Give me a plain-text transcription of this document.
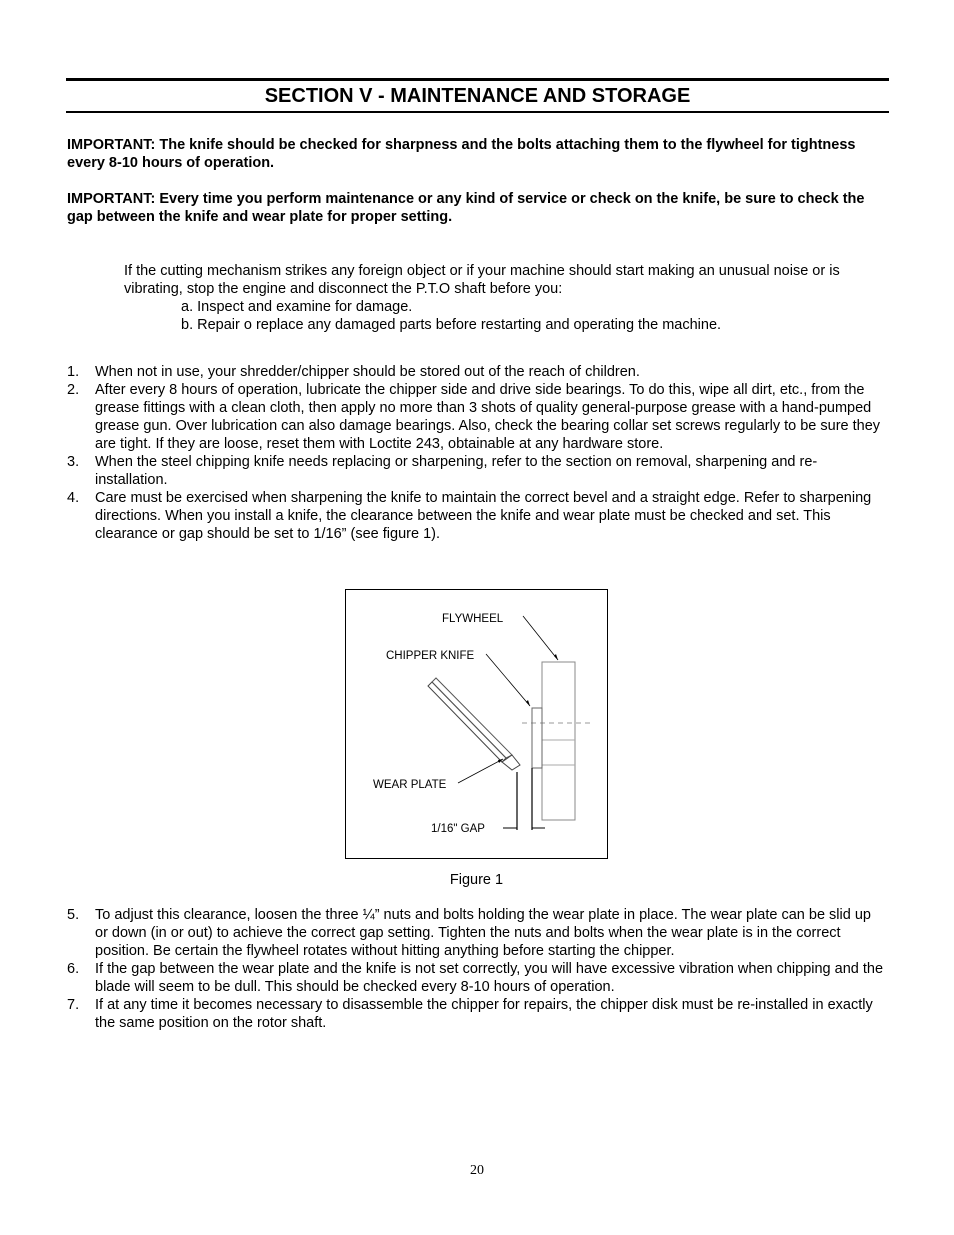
SECTION V - MAINTENANCE AND STORAGE
IMPORTANT: The knife should be checked for sharpness and the bolts attaching them to the flywheel for tightness every 8-10 hours of operation.
IMPORTANT: Every time you perform maintenance or any kind of service or check on the knife, be sure to check the gap between the knife and wear plate for proper setting.
If the cutting mechanism strikes any foreign object or if your machine should start making an unusual noise or is vibrating, stop the engine and disconnect the P.T.O shaft before you:
a. Inspect and examine for damage.
b. Repair o replace any damaged parts before restarting and operating the machine.
1. When not in use, your shredder/chipper should be stored out of the reach of children.
2. After every 8 hours of operation, lubricate the chipper side and drive side bearings. To do this, wipe all dirt, etc., from the grease fittings with a clean cloth, then apply no more than 3 shots of quality general-purpose grease with a hand-pumped grease gun. Over lubrication can also damage bearings. Also, check the bearing collar set screws regularly to be sure they are tight. If they are loose, reset them with Loctite 243, obtainable at any hardware store.
3. When the steel chipping knife needs replacing or sharpening, refer to the section on removal, sharpening and re-installation.
4. Care must be exercised when sharpening the knife to maintain the correct bevel and a straight edge. Refer to sharpening directions. When you install a knife, the clearance between the knife and wear plate must be checked and set. This clearance or gap should be set to 1/16” (see figure 1).
FLYWHEEL
CHIPPER KNIFE
WEAR PLATE
1/16" GAP
Figure 1
5. To adjust this clearance, loosen the three ¼” nuts and bolts holding the wear plate in place. The wear plate can be slid up or down (in or out) to achieve the correct gap setting. Tighten the nuts and bolts when the wear plate is in the correct position. Be certain the flywheel rotates without hitting anything before starting the chipper.
6. If the gap between the wear plate and the knife is not set correctly, you will have excessive vibration when chipping and the blade will seem to be dull. This should be checked every 8-10 hours of operation.
7. If at any time it becomes necessary to disassemble the chipper for repairs, the chipper disk must be re-installed in exactly the same position on the rotor shaft.
20
